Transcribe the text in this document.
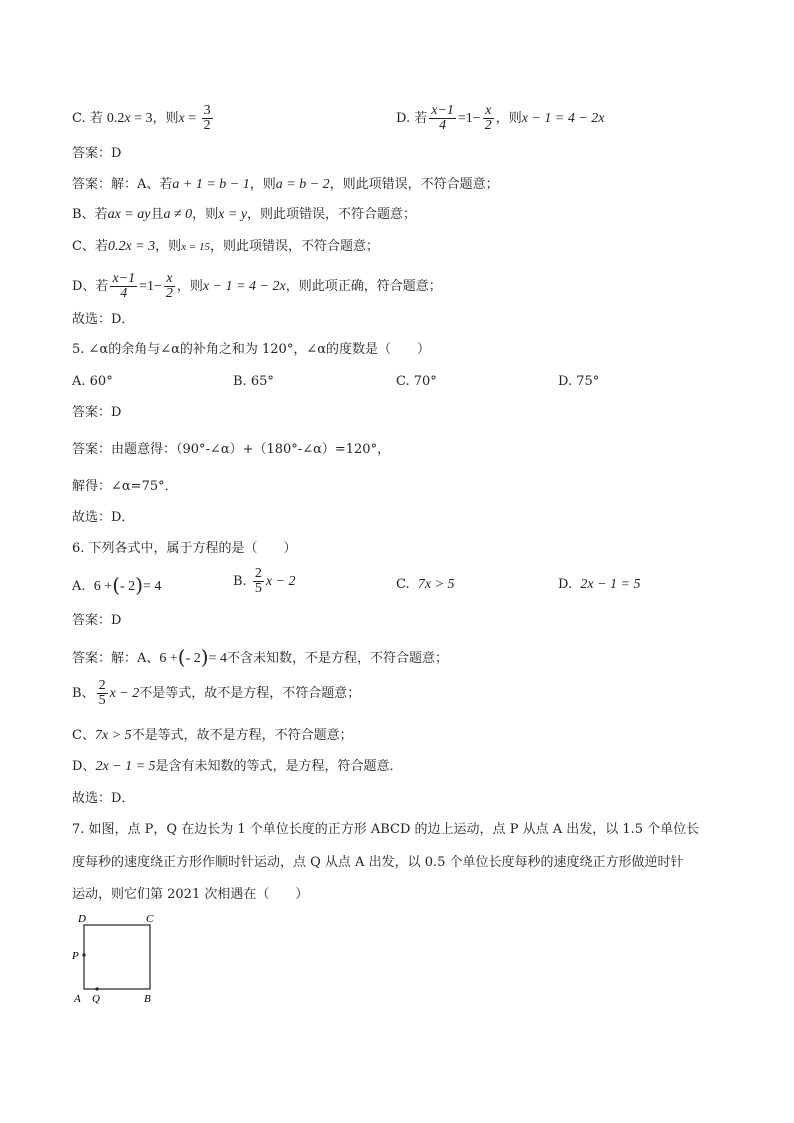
C. 若 0.2x = 3，则$x = \frac{3}{2}$	D. 若 $\frac{x-1}{4} =1- \frac{x}{2}$ ，则x − 1 = 4 − 2x
答案：D
答案：解：A、若a + 1 = b − 1，则a = b − 2，则此项错误，不符合题意；
B、若ax = ay且a ≠ 0，则x = y，则此项错误，不符合题意；
C、若0.2x = 3，则x = 15，则此项错误，不符合题意；
D、若 $\frac{x-1}{4} =1- \frac{x}{2}$ ，则x − 1 = 4 − 2x，则此项正确，符合题意；
故选：D．
5. ∠α的余角与∠α的补角之和为 120°，∠α的度数是（　　）
A. 60°	B. 65°	C. 70°	D. 75°
答案：D
答案：由题意得：（90°-∠α）+（180°-∠α）=120°，
解得：∠α=75°．
故选：D．
6. 下列各式中，属于方程的是（　　）
A. 6 +(- 2)= 4	B. $\frac{2}{5}$ x − 2	C. 7x > 5	D. 2x − 1 = 5
答案：D
答案：解：A、6 +(- 2)= 4不含未知数，不是方程，不符合题意；
B、 $\frac{2}{5}$ x − 2不是等式，故不是方程，不符合题意；
C、7x > 5不是等式，故不是方程，不符合题意；
D、2x − 1 = 5是含有未知数的等式，是方程，符合题意．
故选：D．
7. 如图，点 P，Q 在边长为 1 个单位长度的正方形 ABCD 的边上运动，点 P 从点 A 出发，以 1.5 个单位长
度每秒的速度绕正方形作顺时针运动，点 Q 从点 A 出发，以 0.5 个单位长度每秒的速度绕正方形做逆时针
运动，则它们第 2021 次相遇在（　　）
D	C
P
A Q	B
